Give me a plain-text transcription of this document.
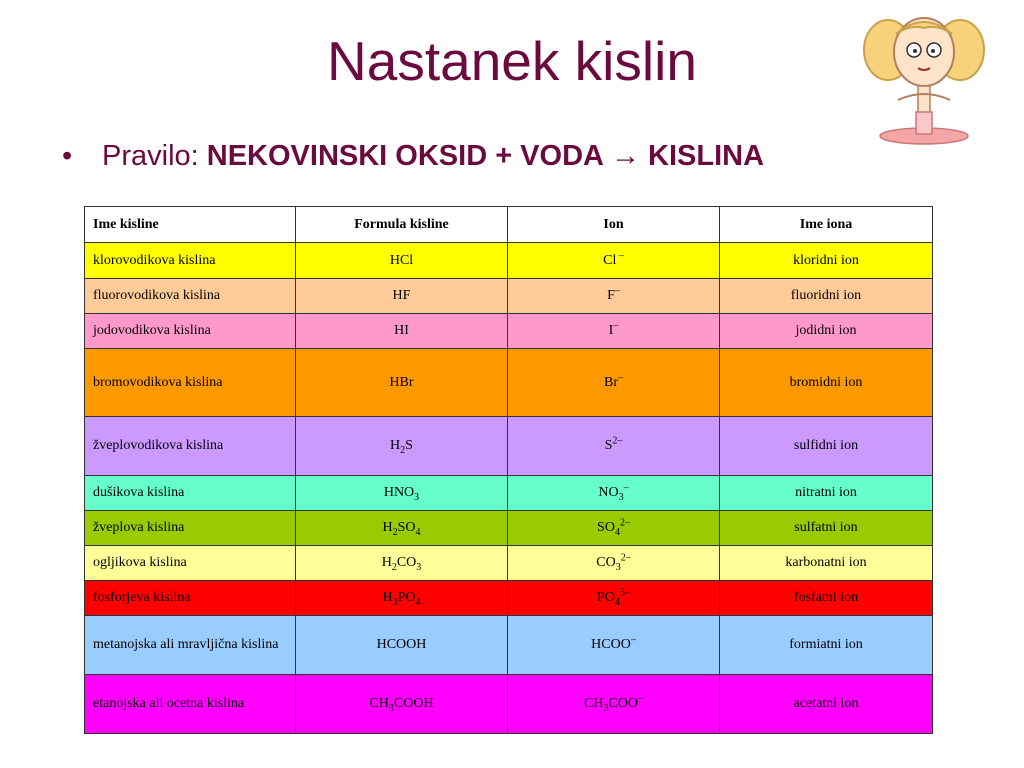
Nastanek kislin
• Pravilo: NEKOVINSKI OKSID + VODA → KISLINA
Ime kisline	Formula kisline	Ion	Ime iona
klorovodikova kislina	HCl	Cl –	kloridni ion
fluorovodikova kislina	HF	F–	fluoridni ion
jodovodikova kislina	HI	I–	jodidni ion
bromovodikova kislina	HBr	Br–	bromidni ion
žveplovodikova kislina	$H_2S$	$S^{2-}$	sulfidni ion
dušikova kislina	$HNO_3$	$NO_3^-$	nitratni ion
žveplova kislina	$H_2SO_4$	$SO_4^{2-}$	sulfatni ion
ogljikova kislina	$H_2CO_3$	$CO_3^{2-}$	karbonatni ion
fosforjeva kislina	$H_3PO_4$	$PO_4^{3-}$	fosfatni ion
metanojska ali mravljična kislina	HCOOH	HCOO–	formiatni ion
etanojska ali ocetna kislina	$CH_3COOH$	$CH_3COO^-$	acetatni ion
